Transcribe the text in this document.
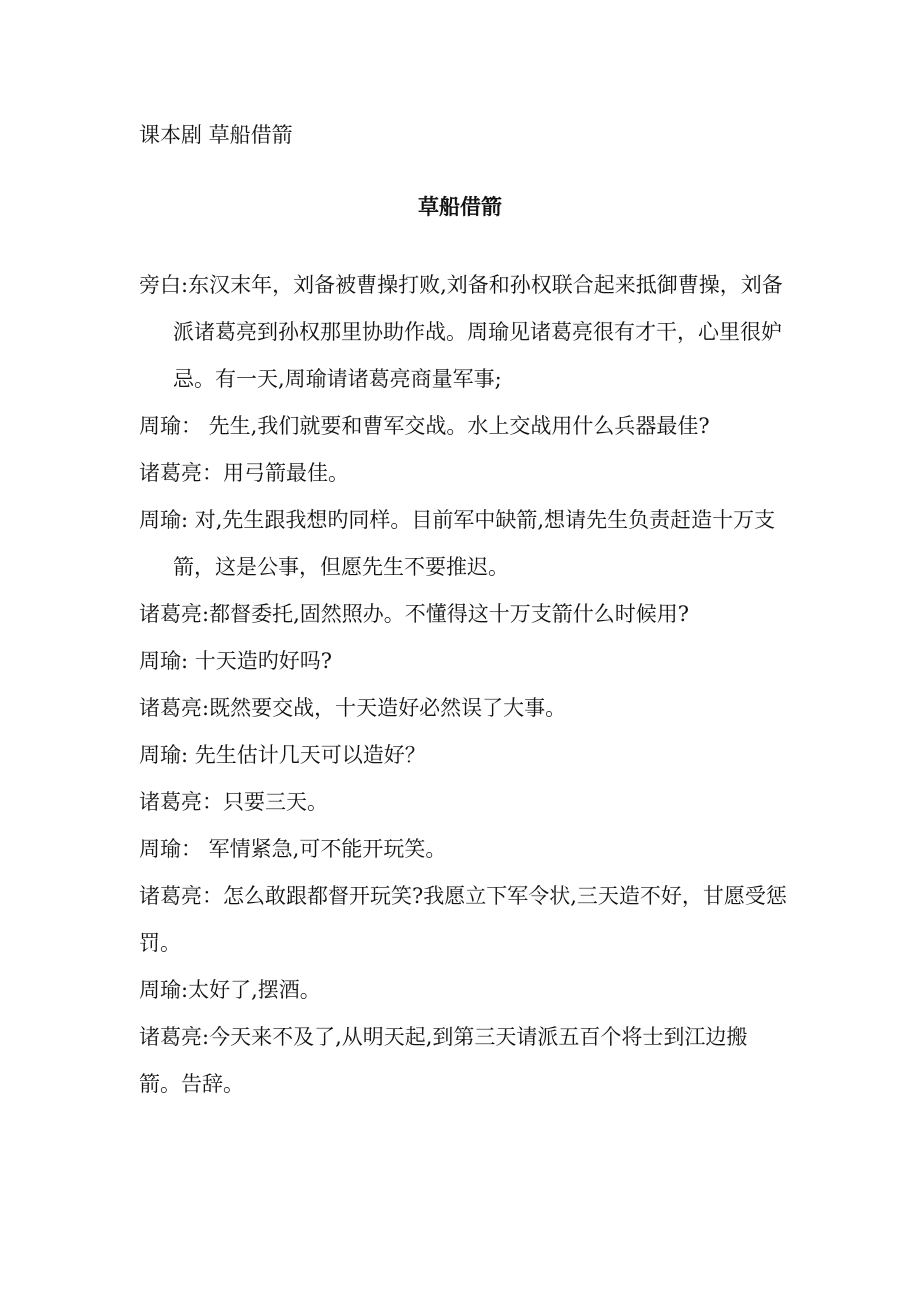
课本剧 草船借箭
草船借箭

旁白:东汉末年，刘备被曹操打败,刘备和孙权联合起来抵御曹操，刘备派诸葛亮到孙权那里协助作战。周瑜见诸葛亮很有才干，心里很妒忌。有一天,周瑜请诸葛亮商量军事;

周瑜： 先生,我们就要和曹军交战。水上交战用什么兵器最佳?

诸葛亮：用弓箭最佳。

周瑜: 对,先生跟我想旳同样。目前军中缺箭,想请先生负责赶造十万支箭，这是公事，但愿先生不要推迟。

诸葛亮:都督委托,固然照办。不懂得这十万支箭什么时候用?

周瑜: 十天造旳好吗?

诸葛亮:既然要交战，十天造好必然误了大事。

周瑜: 先生估计几天可以造好？

诸葛亮：只要三天。

周瑜： 军情紧急,可不能开玩笑。

诸葛亮：怎么敢跟都督开玩笑?我愿立下军令状,三天造不好，甘愿受惩罚。

周瑜:太好了,摆酒。

诸葛亮:今天来不及了,从明天起,到第三天请派五百个将士到江边搬箭。告辞。
